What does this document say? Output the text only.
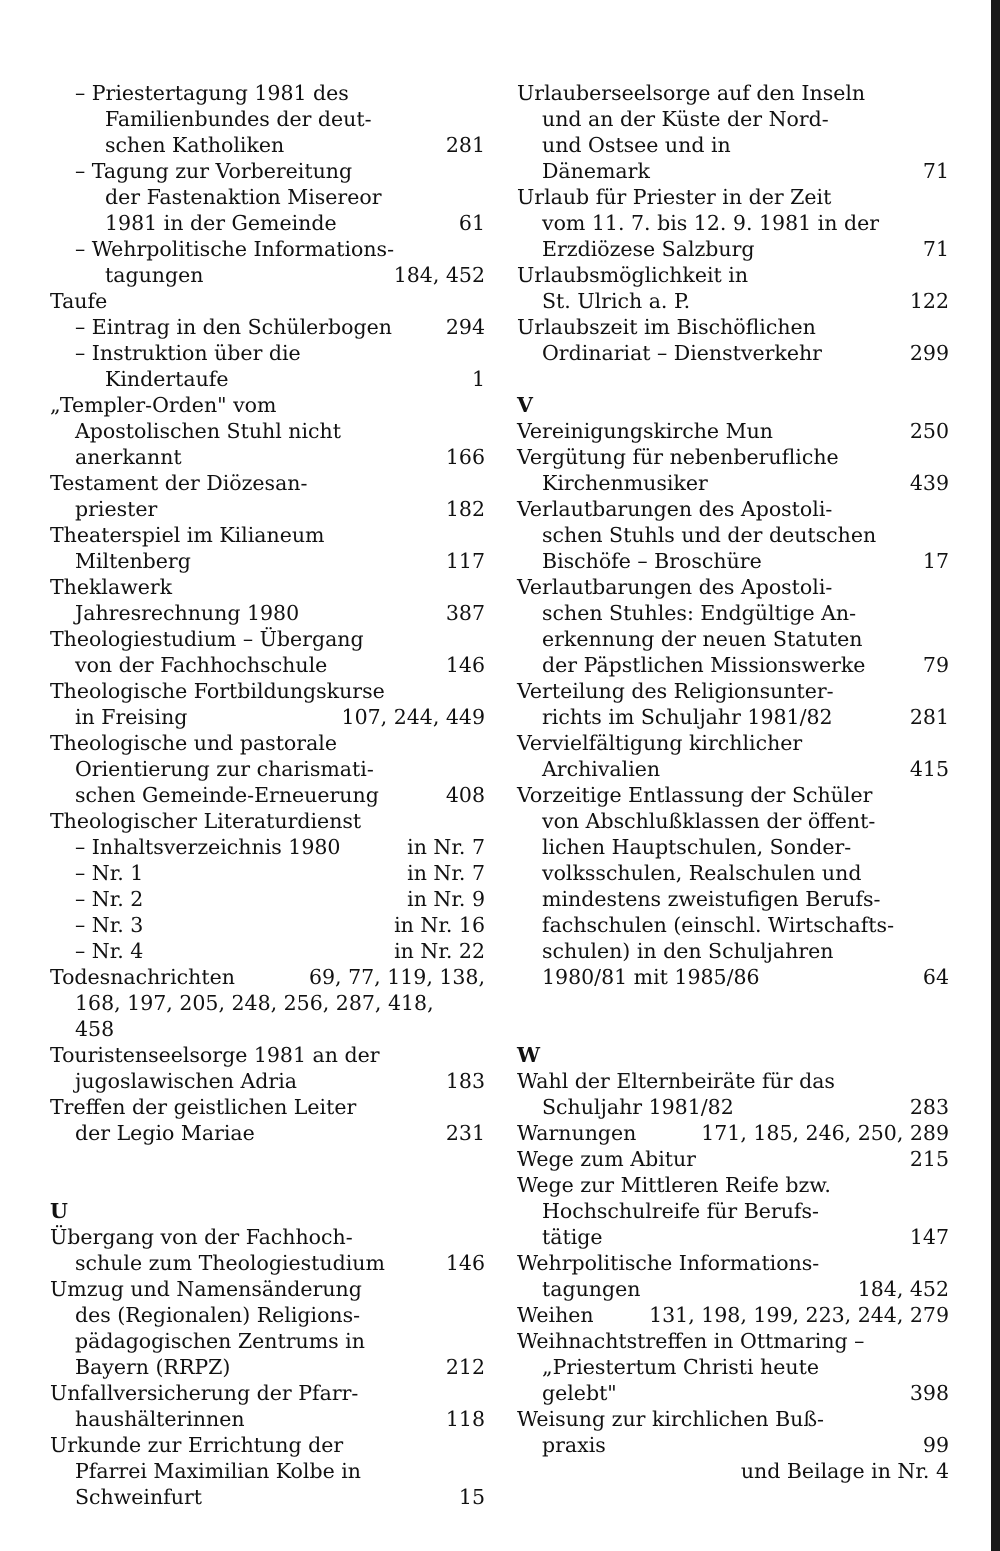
– Priestertagung 1981 des
Familienbundes der deut-
schen Katholiken	281
– Tagung zur Vorbereitung
der Fastenaktion Misereor
1981 in der Gemeinde	61
– Wehrpolitische Informations-
tagungen	184, 452
Taufe
– Eintrag in den Schülerbogen	294
– Instruktion über die
Kindertaufe	1
„Templer-Orden" vom
Apostolischen Stuhl nicht
anerkannt	166
Testament der Diözesan-
priester	182
Theaterspiel im Kilianeum
Miltenberg	117
Theklawerk
Jahresrechnung 1980	387
Theologiestudium – Übergang
von der Fachhochschule	146
Theologische Fortbildungskurse
in Freising	107, 244, 449
Theologische und pastorale
Orientierung zur charismati-
schen Gemeinde-Erneuerung	408
Theologischer Literaturdienst
– Inhaltsverzeichnis 1980	in Nr. 7
– Nr. 1	in Nr. 7
– Nr. 2	in Nr. 9
– Nr. 3	in Nr. 16
– Nr. 4	in Nr. 22
Todesnachrichten	69, 77, 119, 138,
168, 197, 205, 248, 256, 287, 418,
458
Touristenseelsorge 1981 an der
jugoslawischen Adria	183
Treffen der geistlichen Leiter
der Legio Mariae	231
U
Übergang von der Fachhoch-
schule zum Theologiestudium	146
Umzug und Namensänderung
des (Regionalen) Religions-
pädagogischen Zentrums in
Bayern (RRPZ)	212
Unfallversicherung der Pfarr-
haushälterinnen	118
Urkunde zur Errichtung der
Pfarrei Maximilian Kolbe in
Schweinfurt	15
Urlauberseelsorge auf den Inseln
und an der Küste der Nord-
und Ostsee und in
Dänemark	71
Urlaub für Priester in der Zeit
vom 11. 7. bis 12. 9. 1981 in der
Erzdiözese Salzburg	71
Urlaubsmöglichkeit in
St. Ulrich a. P.	122
Urlaubszeit im Bischöflichen
Ordinariat – Dienstverkehr	299
V
Vereinigungskirche Mun	250
Vergütung für nebenberufliche
Kirchenmusiker	439
Verlautbarungen des Apostoli-
schen Stuhls und der deutschen
Bischöfe – Broschüre	17
Verlautbarungen des Apostoli-
schen Stuhles: Endgültige An-
erkennung der neuen Statuten
der Päpstlichen Missionswerke	79
Verteilung des Religionsunter-
richts im Schuljahr 1981/82	281
Vervielfältigung kirchlicher
Archivalien	415
Vorzeitige Entlassung der Schüler
von Abschlußklassen der öffent-
lichen Hauptschulen, Sonder-
volksschulen, Realschulen und
mindestens zweistufigen Berufs-
fachschulen (einschl. Wirtschafts-
schulen) in den Schuljahren
1980/81 mit 1985/86	64
W
Wahl der Elternbeiräte für das
Schuljahr 1981/82	283
Warnungen	171, 185, 246, 250, 289
Wege zum Abitur	215
Wege zur Mittleren Reife bzw.
Hochschulreife für Berufs-
tätige	147
Wehrpolitische Informations-
tagungen	184, 452
Weihen	131, 198, 199, 223, 244, 279
Weihnachtstreffen in Ottmaring –
„Priestertum Christi heute
gelebt"	398
Weisung zur kirchlichen Buß-
praxis	99
und Beilage in Nr. 4
